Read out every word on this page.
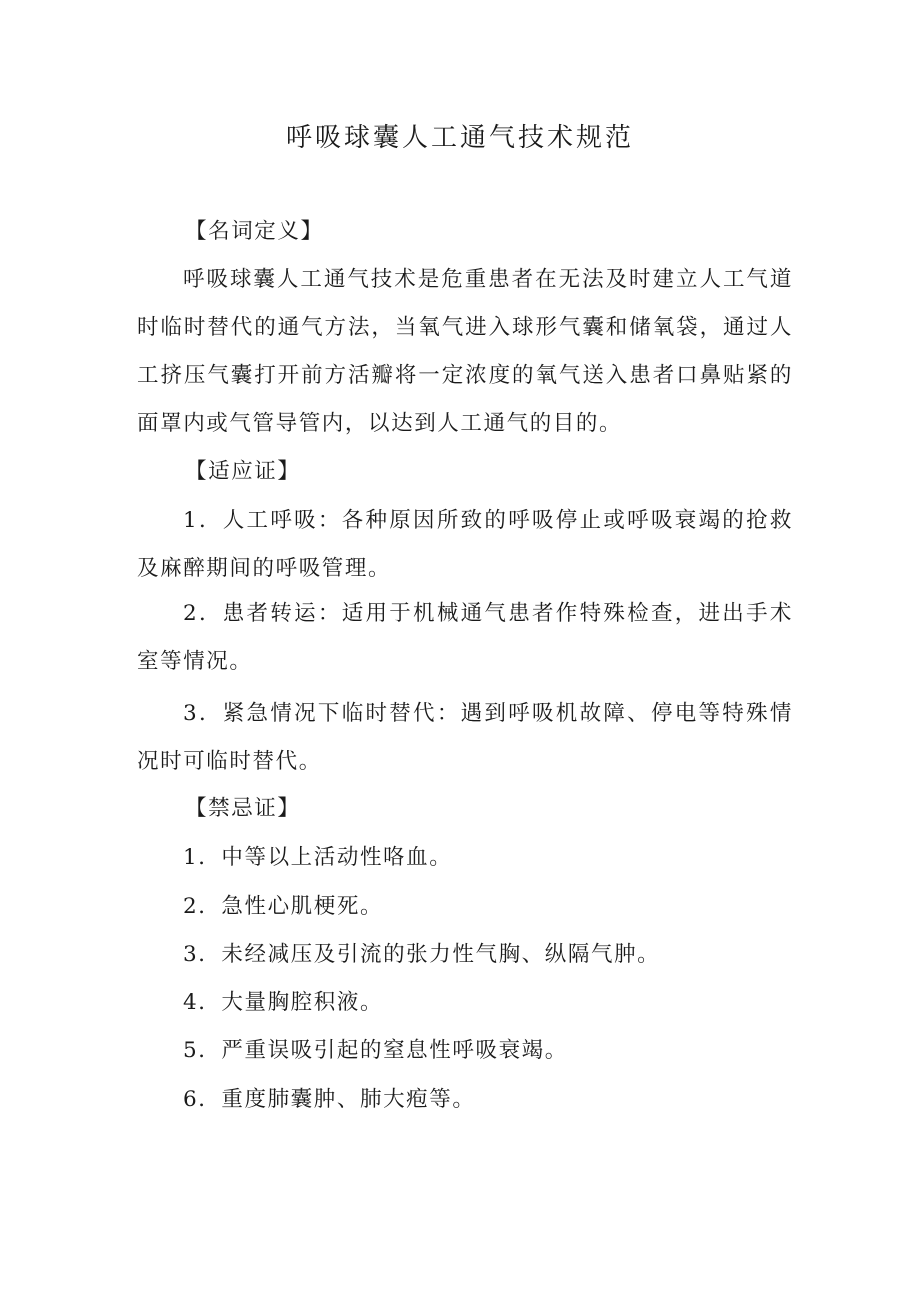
呼吸球囊人工通气技术规范
【名词定义】

呼吸球囊人工通气技术是危重患者在无法及时建立人工气道时临时替代的通气方法，当氧气进入球形气囊和储氧袋，通过人工挤压气囊打开前方活瓣将一定浓度的氧气送入患者口鼻贴紧的面罩内或气管导管内，以达到人工通气的目的。

【适应证】

1．人工呼吸：各种原因所致的呼吸停止或呼吸衰竭的抢救及麻醉期间的呼吸管理。

2．患者转运：适用于机械通气患者作特殊检查，进出手术室等情况。

3．紧急情况下临时替代：遇到呼吸机故障、停电等特殊情况时可临时替代。

【禁忌证】
1．中等以上活动性咯血。
2．急性心肌梗死。
3．未经减压及引流的张力性气胸、纵隔气肿。
4．大量胸腔积液。
5．严重误吸引起的窒息性呼吸衰竭。
6．重度肺囊肿、肺大疱等。
